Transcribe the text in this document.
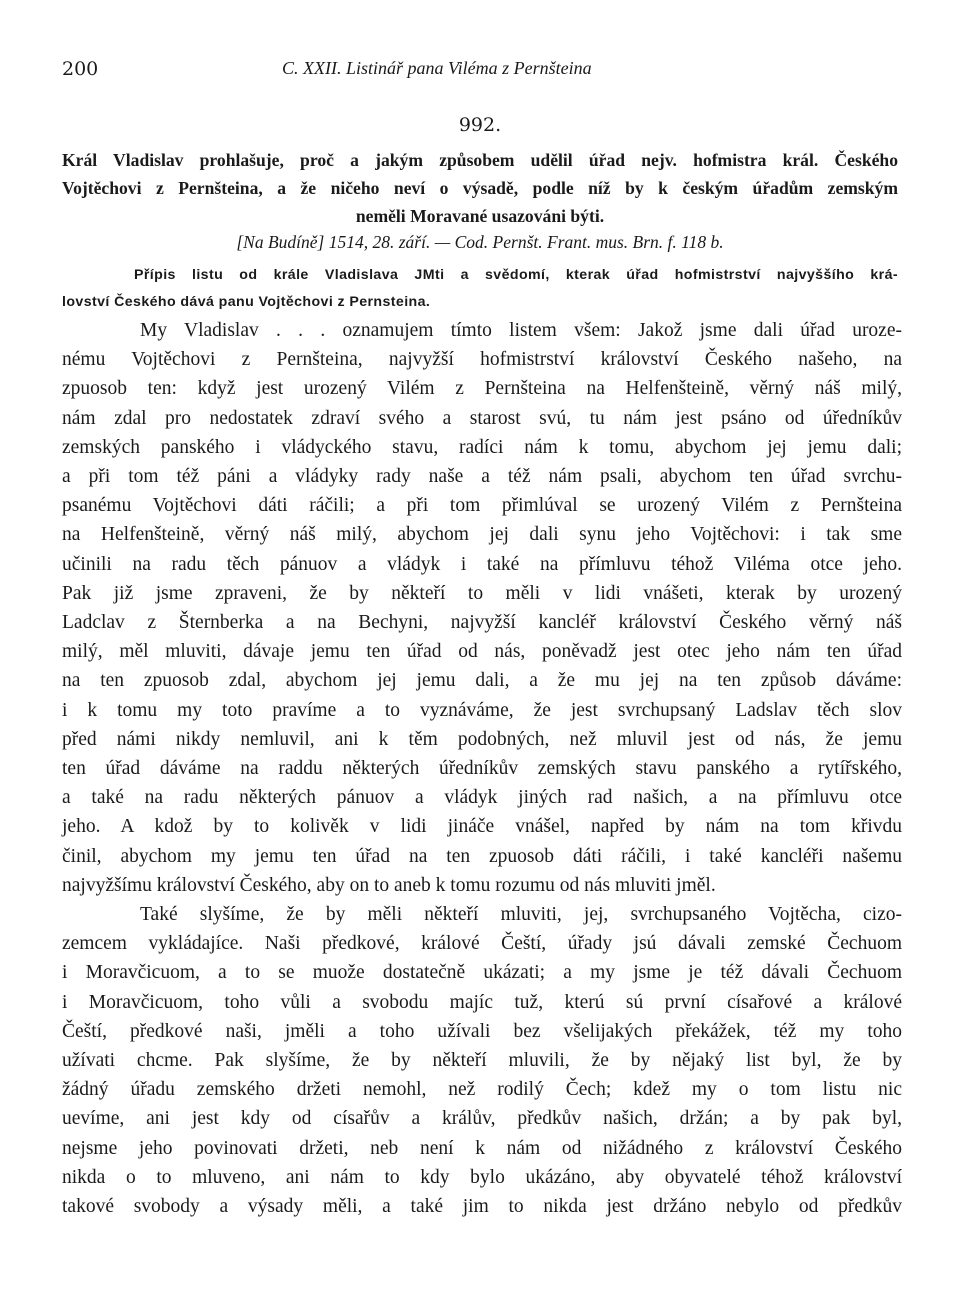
200	C. XXII. Listinář pana Viléma z Pernšteina
992.
Král Vladislav prohlašuje, proč a jakým způsobem udělil úřad nejv. hofmistra král. Českého
Vojtěchovi z Pernšteina, a že ničeho neví o výsadě, podle níž by k českým úřadům zemským
neměli Moravané usazováni býti.
[Na Budíně] 1514, 28. září. — Cod. Pernšt. Frant. mus. Brn. f. 118 b.
Přípis listu od krále Vladislava JMti a svědomí, kterak úřad hofmistrství najvyššího krá-
lovství Českého dává panu Vojtěchovi z Pernsteina.
My Vladislav . . . oznamujem tímto listem všem: Jakož jsme dali úřad uroze-
nému Vojtěchovi z Pernšteina, najvyžší hofmistrství království Českého našeho, na
zpuosob ten: když jest urozený Vilém z Pernšteina na Helfenšteině, věrný náš milý,
nám zdal pro nedostatek zdraví svého a starost svú, tu nám jest psáno od úředníkův
zemských panského i vládyckého stavu, radíci nám k tomu, abychom jej jemu dali;
a při tom též páni a vládyky rady naše a též nám psali, abychom ten úřad svrchu-
psanému Vojtěchovi dáti ráčili; a při tom přimlúval se urozený Vilém z Pernšteina
na Helfenšteině, věrný náš milý, abychom jej dali synu jeho Vojtěchovi: i tak sme
učinili na radu těch pánuov a vládyk i také na přímluvu téhož Viléma otce jeho.
Pak již jsme zpraveni, že by někteří to měli v lidi vnášeti, kterak by urozený
Ladclav z Šternberka a na Bechyni, najvyžší kancléř království Českého věrný náš
milý, měl mluviti, dávaje jemu ten úřad od nás, poněvadž jest otec jeho nám ten úřad
na ten zpuosob zdal, abychom jej jemu dali, a že mu jej na ten způsob dáváme:
i k tomu my toto pravíme a to vyznáváme, že jest svrchupsaný Ladslav těch slov
před námi nikdy nemluvil, ani k těm podobných, než mluvil jest od nás, že jemu
ten úřad dáváme na raddu některých úředníkův zemských stavu panského a rytířského,
a také na radu některých pánuov a vládyk jiných rad našich, a na přímluvu otce
jeho. A kdož by to kolivěk v lidi jináče vnášel, napřed by nám na tom křivdu
činil, abychom my jemu ten úřad na ten zpuosob dáti ráčili, i také kancléři našemu
najvyžšímu království Českého, aby on to aneb k tomu rozumu od nás mluviti jměl.
Také slyšíme, že by měli někteří mluviti, jej, svrchupsaného Vojtěcha, cizo-
zemcem vykládajíce. Naši předkové, králové Čeští, úřady jsú dávali zemské Čechuom
i Moravčicuom, a to se muože dostatečně ukázati; a my jsme je též dávali Čechuom
i Moravčicuom, toho vůli a svobodu majíc tuž, kterú sú první císařové a králové
Čeští, předkové naši, jměli a toho užívali bez všelijakých překážek, též my toho
užívati chcme. Pak slyšíme, že by někteří mluvili, že by nějaký list byl, že by
žádný úřadu zemského držeti nemohl, než rodilý Čech; kdež my o tom listu nic
uevíme, ani jest kdy od císařův a králův, předkův našich, držán; a by pak byl,
nejsme jeho povinovati držeti, neb není k nám od nižádného z království Českého
nikda o to mluveno, ani nám to kdy bylo ukázáno, aby obyvatelé téhož království
takové svobody a výsady měli, a také jim to nikda jest držáno nebylo od předkův
